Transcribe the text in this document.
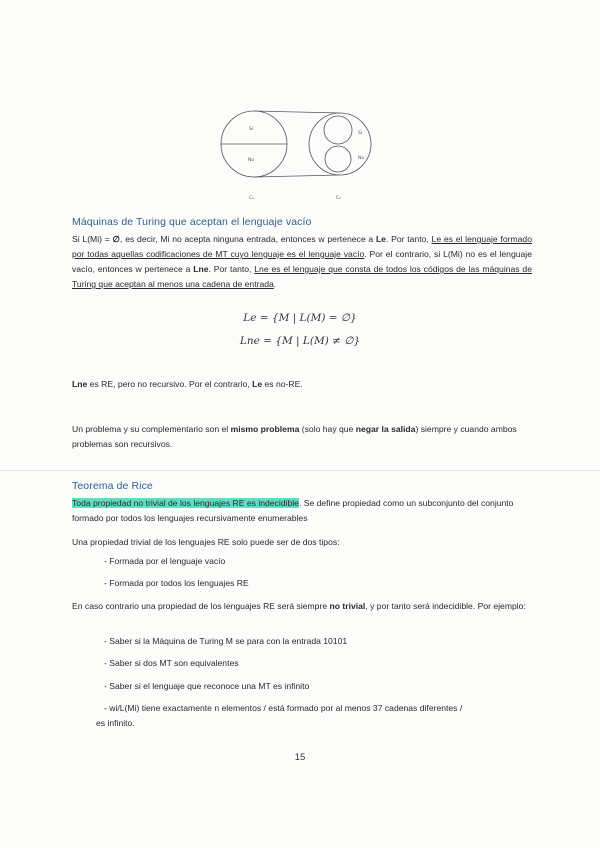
Si
No
Si
No
C₁	C₂
Máquinas de Turing que aceptan el lenguaje vacío
Si L(Mi) = ∅, es decir, Mi no acepta ninguna entrada, entonces w pertenece a Le. Por tanto, Le es el lenguaje formado por todas aquellas codificaciones de MT cuyo lenguaje es el lenguaje vacío. Por el contrario, si L(Mi) no es el lenguaje vacío, entonces w pertenece a Lne. Por tanto, Lne es el lenguaje que consta de todos los códigos de las máquinas de Turing que aceptan al menos una cadena de entrada.
Le = {M | L(M) = ∅}
Lne = {M | L(M) ≠ ∅}
Lne es RE, pero no recursivo. Por el contrario, Le es no-RE.
Un problema y su complementario son el mismo problema (solo hay que negar la salida) siempre y cuando ambos problemas son recursivos.
Teorema de Rice
Toda propiedad no trivial de los lenguajes RE es indecidible. Se define propiedad como un subconjunto del conjunto formado por todos los lenguajes recursivamente enumerables
Una propiedad trivial de los lenguajes RE solo puede ser de dos tipos:
- Formada por el lenguaje vacío
- Formada por todos los lenguajes RE
En caso contrario una propiedad de los lenguajes RE será siempre no trivial, y por tanto será indecidible. Por ejemplo:
- Saber si la Máquina de Turing M se para con la entrada 10101
- Saber si dos MT son equivalentes
- Saber si el lenguaje que reconoce una MT es infinito
- wi/L(Mi) tiene exactamente n elementos / está formado por al menos 37 cadenas diferentes /
es infinito.
15
